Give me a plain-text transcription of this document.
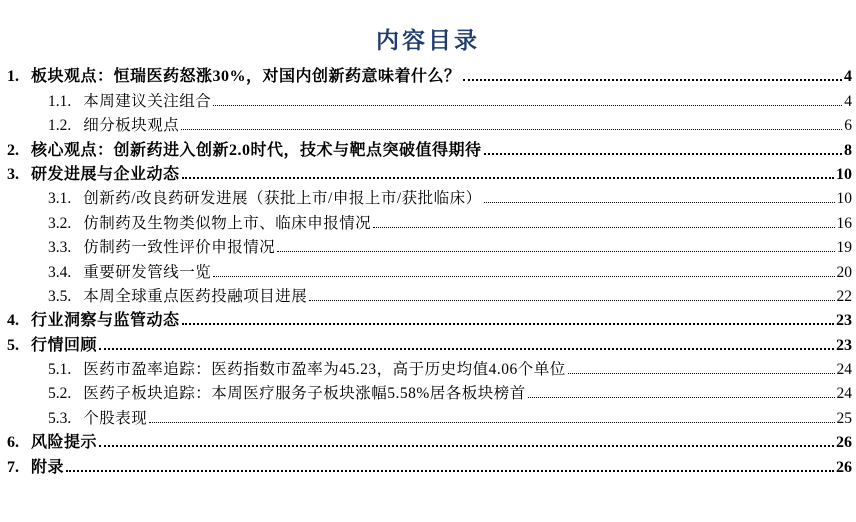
内容目录
1. 板块观点：恒瑞医药怒涨30%，对国内创新药意味着什么？	4
1.1. 本周建议关注组合	4
1.2. 细分板块观点	6
2. 核心观点：创新药进入创新2.0时代，技术与靶点突破值得期待	8
3. 研发进展与企业动态	10
3.1. 创新药/改良药研发进展（获批上市/申报上市/获批临床）	10
3.2. 仿制药及生物类似物上市、临床申报情况	16
3.3. 仿制药一致性评价申报情况	19
3.4. 重要研发管线一览	20
3.5. 本周全球重点医药投融项目进展	22
4. 行业洞察与监管动态	23
5. 行情回顾	23
5.1. 医药市盈率追踪：医药指数市盈率为45.23，高于历史均值4.06个单位	24
5.2. 医药子板块追踪：本周医疗服务子板块涨幅5.58%居各板块榜首	24
5.3. 个股表现	25
6. 风险提示	26
7. 附录	26
